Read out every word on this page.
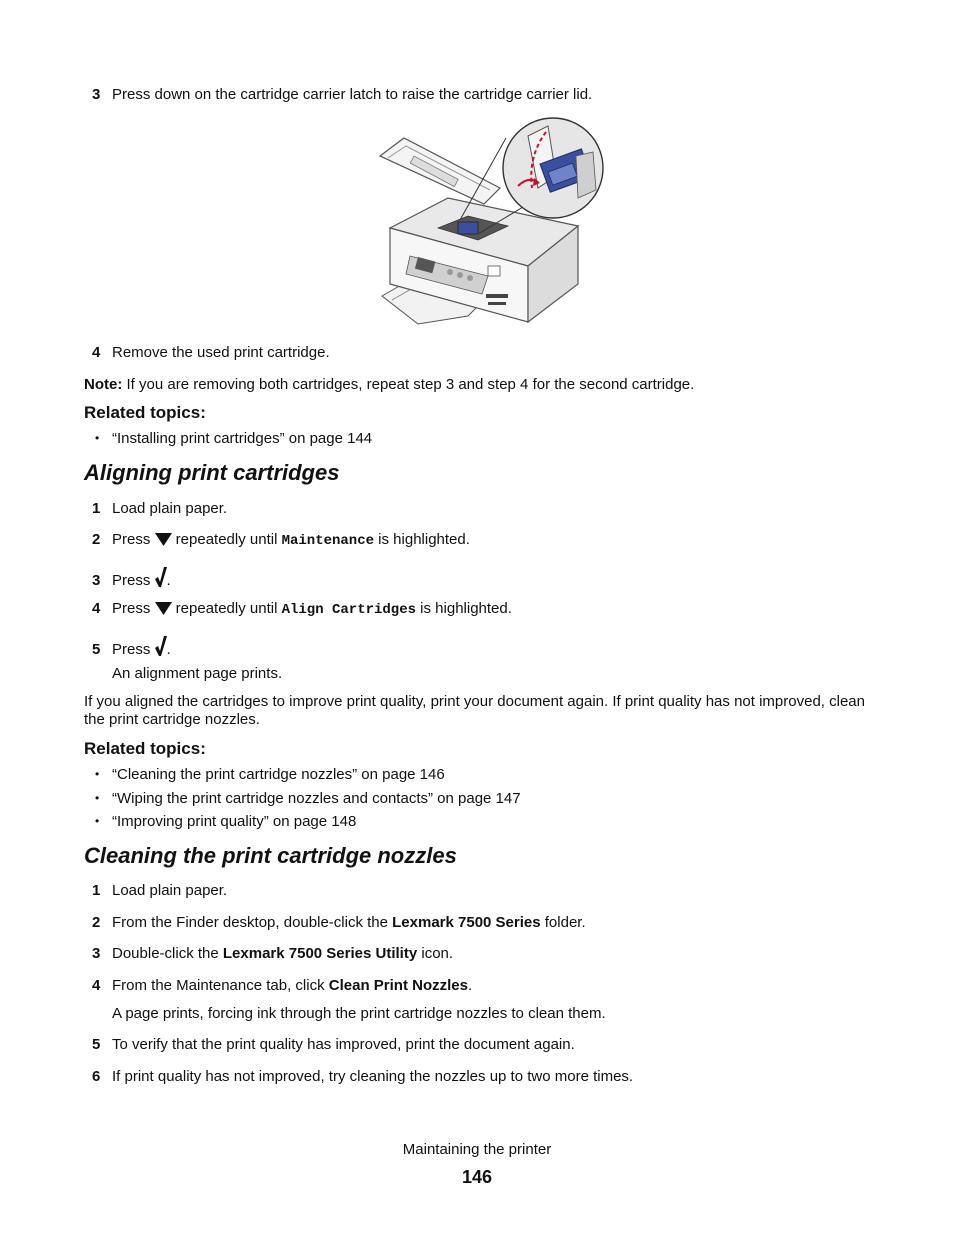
3 Press down on the cartridge carrier latch to raise the cartridge carrier lid.
4 Remove the used print cartridge.
Note: If you are removing both cartridges, repeat step 3 and step 4 for the second cartridge.
Related topics:
• “Installing print cartridges” on page 144
Aligning print cartridges
1 Load plain paper.
2 Press  repeatedly until Maintenance is highlighted.
3 Press .
4 Press  repeatedly until Align Cartridges is highlighted.
5 Press .
An alignment page prints.
If you aligned the cartridges to improve print quality, print your document again. If print quality has not improved, clean the print cartridge nozzles.
Related topics:
• “Cleaning the print cartridge nozzles” on page 146
• “Wiping the print cartridge nozzles and contacts” on page 147
• “Improving print quality” on page 148
Cleaning the print cartridge nozzles
1 Load plain paper.
2 From the Finder desktop, double-click the Lexmark 7500 Series folder.
3 Double-click the Lexmark 7500 Series Utility icon.
4 From the Maintenance tab, click Clean Print Nozzles.
A page prints, forcing ink through the print cartridge nozzles to clean them.
5 To verify that the print quality has improved, print the document again.
6 If print quality has not improved, try cleaning the nozzles up to two more times.
Maintaining the printer
146
